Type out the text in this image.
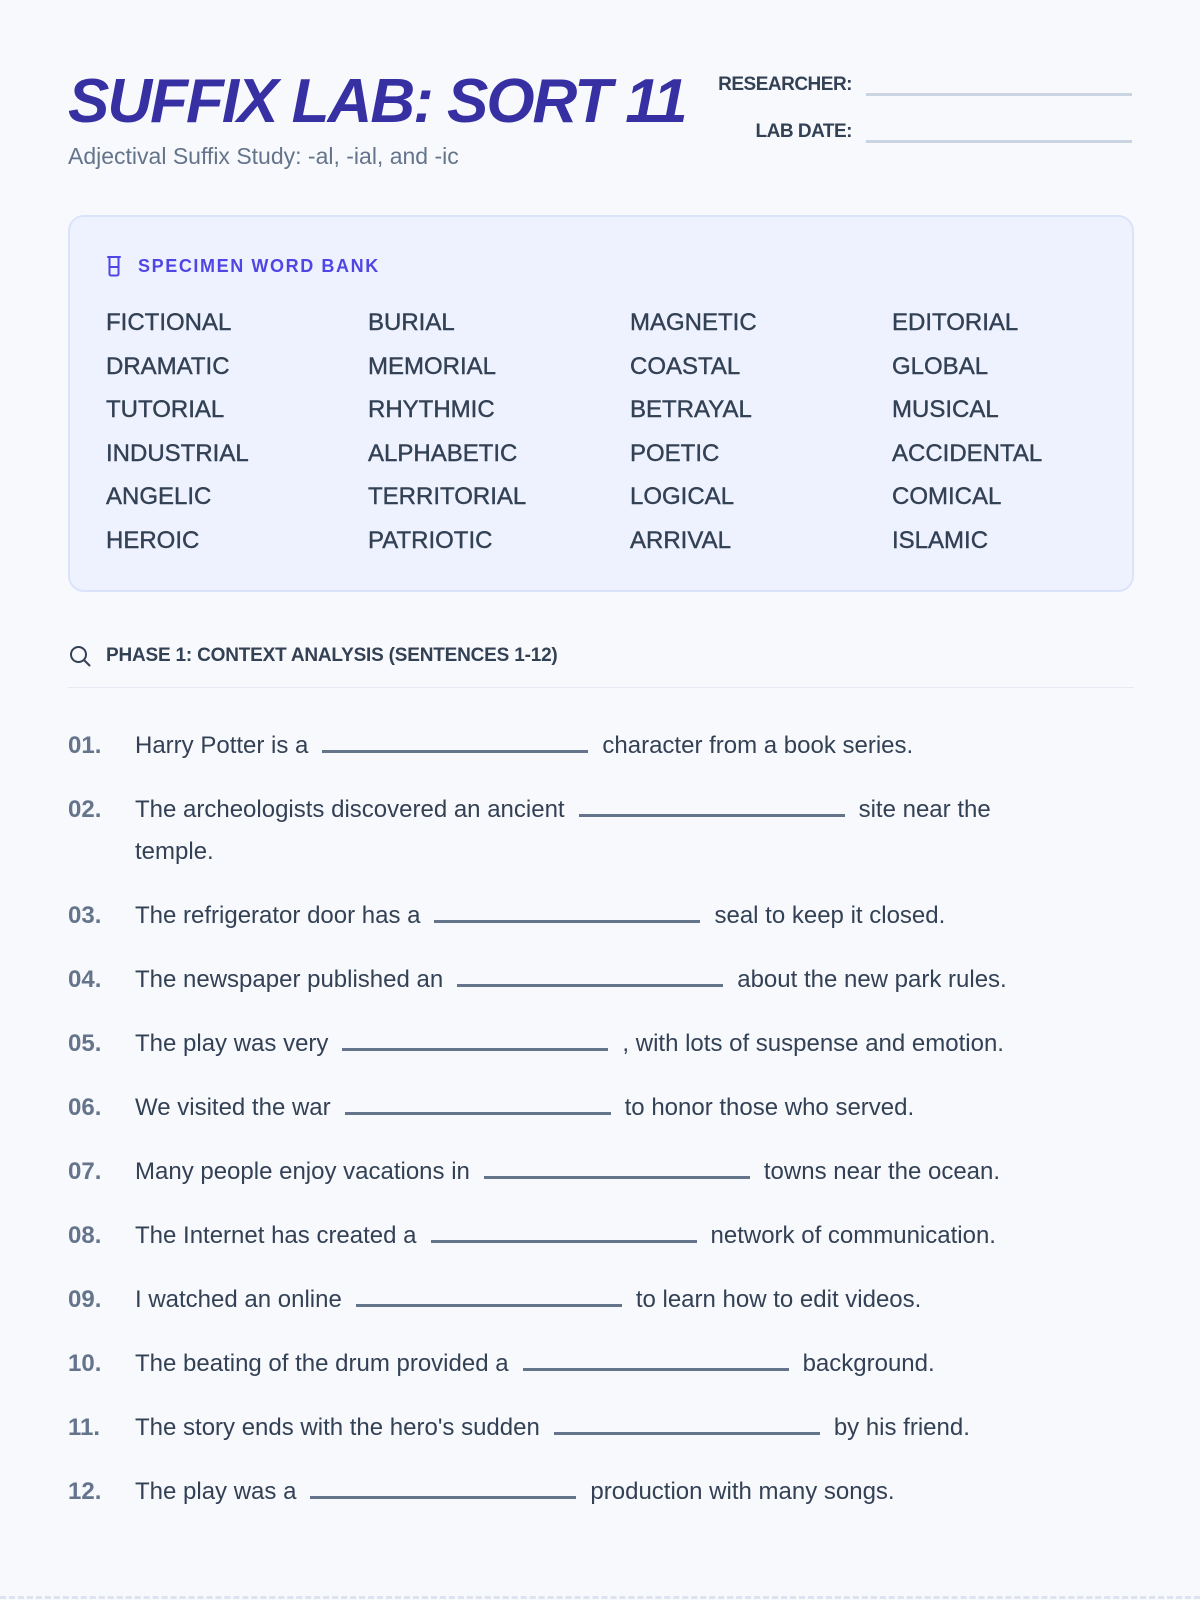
SUFFIX LAB: SORT 11
Adjectival Suffix Study: -al, -ial, and -ic
RESEARCHER:
LAB DATE:
SPECIMEN WORD BANK
FICTIONAL	BURIAL	MAGNETIC	EDITORIAL
DRAMATIC	MEMORIAL	COASTAL	GLOBAL
TUTORIAL	RHYTHMIC	BETRAYAL	MUSICAL
INDUSTRIAL	ALPHABETIC	POETIC	ACCIDENTAL
ANGELIC	TERRITORIAL	LOGICAL	COMICAL
HEROIC	PATRIOTIC	ARRIVAL	ISLAMIC
PHASE 1: CONTEXT ANALYSIS (SENTENCES 1-12)
01.	Harry Potter is a	character from a book series.
02.	The archeologists discovered an ancient	site near the temple.
03.	The refrigerator door has a	seal to keep it closed.
04.	The newspaper published an	about the new park rules.
05.	The play was very	, with lots of suspense and emotion.
06.	We visited the war	to honor those who served.
07.	Many people enjoy vacations in	towns near the ocean.
08.	The Internet has created a	network of communication.
09.	I watched an online	to learn how to edit videos.
10.	The beating of the drum provided a	background.
11.	The story ends with the hero's sudden	by his friend.
12.	The play was a	production with many songs.
